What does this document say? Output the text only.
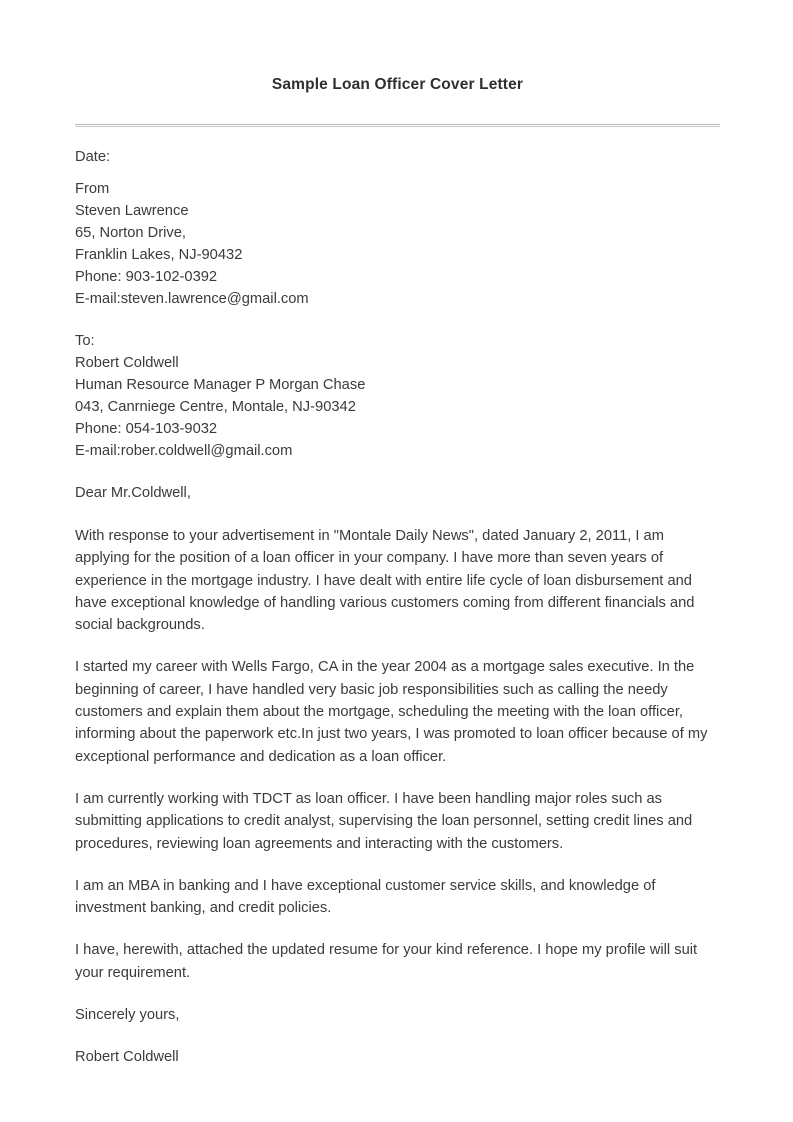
Sample Loan Officer Cover Letter
Date:
From
Steven Lawrence
65, Norton Drive,
Franklin Lakes, NJ-90432
Phone: 903-102-0392
E-mail:steven.lawrence@gmail.com
To:
Robert Coldwell
Human Resource Manager P Morgan Chase
043, Canrniege Centre, Montale, NJ-90342
Phone: 054-103-9032
E-mail:rober.coldwell@gmail.com
Dear Mr.Coldwell,

With response to your advertisement in "Montale Daily News", dated January 2, 2011, I am applying for the position of a loan officer in your company. I have more than seven years of experience in the mortgage industry. I have dealt with entire life cycle of loan disbursement and have exceptional knowledge of handling various customers coming from different financials and social backgrounds.

I started my career with Wells Fargo, CA in the year 2004 as a mortgage sales executive. In the beginning of career, I have handled very basic job responsibilities such as calling the needy customers and explain them about the mortgage, scheduling the meeting with the loan officer, informing about the paperwork etc.In just two years, I was promoted to loan officer because of my exceptional performance and dedication as a loan officer.

I am currently working with TDCT as loan officer. I have been handling major roles such as submitting applications to credit analyst, supervising the loan personnel, setting credit lines and procedures, reviewing loan agreements and interacting with the customers.

I am an MBA in banking and I have exceptional customer service skills, and knowledge of investment banking, and credit policies.

I have, herewith, attached the updated resume for your kind reference. I hope my profile will suit your requirement.

Sincerely yours,
Robert Coldwell
